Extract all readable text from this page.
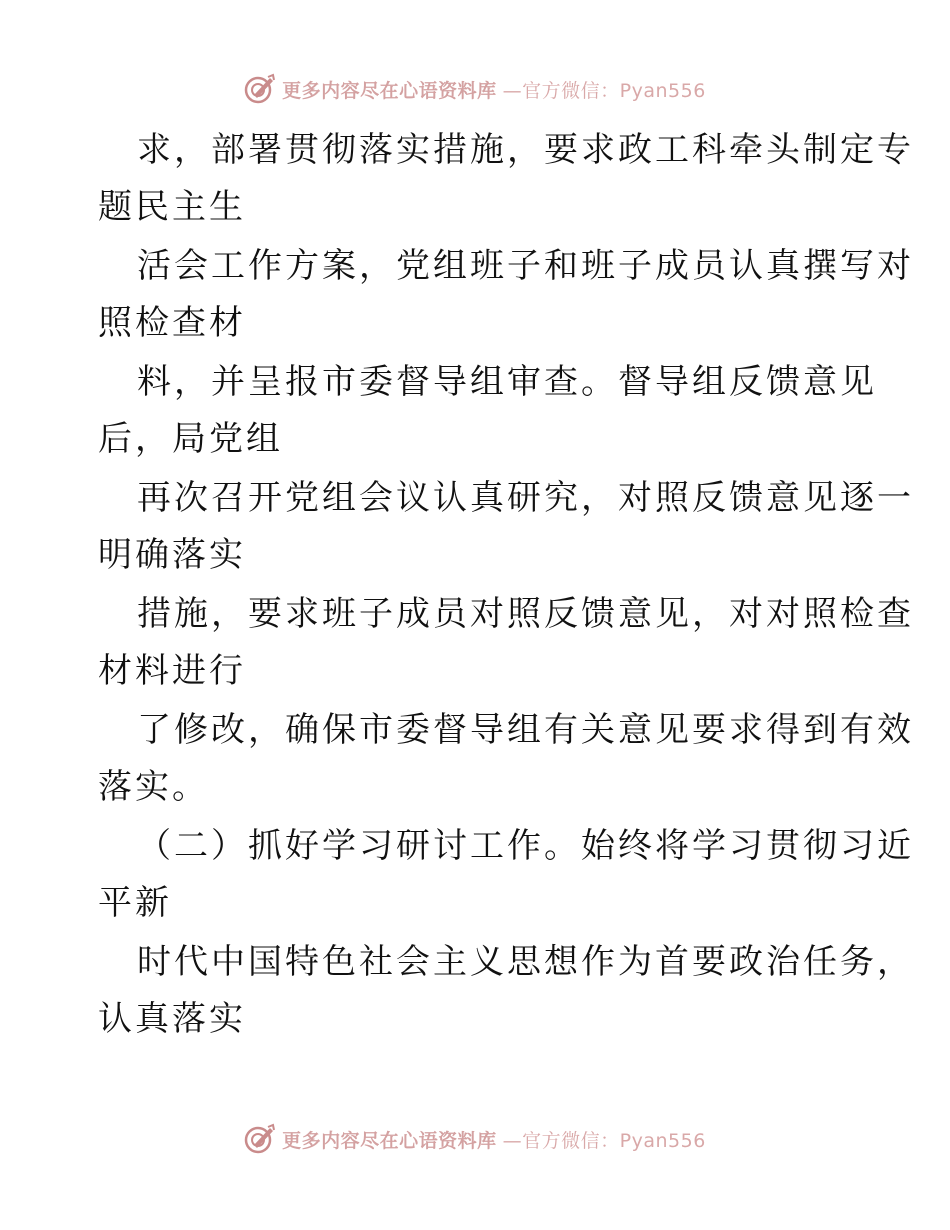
更多内容尽在心语资料库 —官方微信：Pyan556
求，部署贯彻落实措施，要求政工科牵头制定专
题民主生
活会工作方案，党组班子和班子成员认真撰写对
照检查材
料，并呈报市委督导组审查。督导组反馈意见
后，局党组
再次召开党组会议认真研究，对照反馈意见逐一
明确落实
措施，要求班子成员对照反馈意见，对对照检查
材料进行
了修改，确保市委督导组有关意见要求得到有效
落实。
（二）抓好学习研讨工作。始终将学习贯彻习近
平新
时代中国特色社会主义思想作为首要政治任务，
认真落实
更多内容尽在心语资料库 —官方微信：Pyan556
